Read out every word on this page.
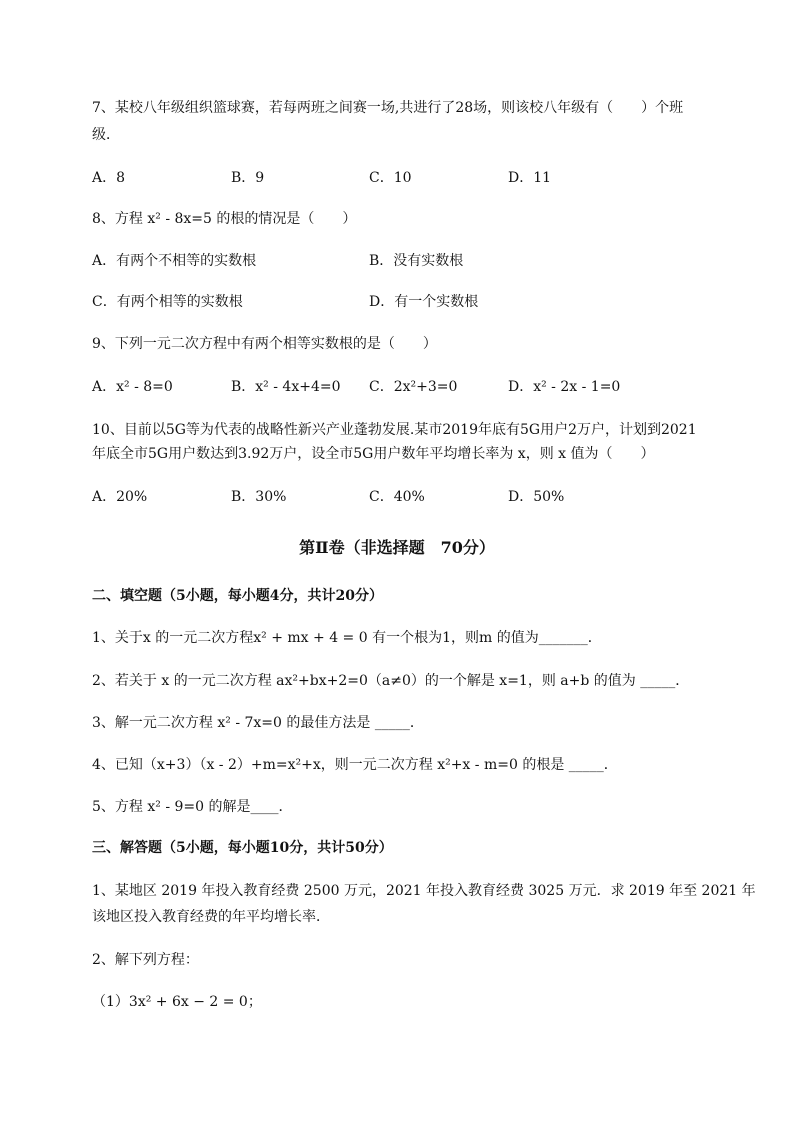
7、某校八年级组织篮球赛，若每两班之间赛一场,共进行了28场，则该校八年级有（　　）个班
级．
A．8	B．9	C．10	D．11
8、方程 x² - 8x=5 的根的情况是（　　）
A．有两个不相等的实数根	B．没有实数根
C．有两个相等的实数根	D．有一个实数根
9、下列一元二次方程中有两个相等实数根的是（　　）
A．x² - 8=0	B．x² - 4x+4=0 C．2x²+3=0	D．x² - 2x - 1=0
10、目前以5G等为代表的战略性新兴产业蓬勃发展.某市2019年底有5G用户2万户，计划到2021
年底全市5G用户数达到3.92万户，设全市5G用户数年平均增长率为 x，则 x 值为（　　）
A．20%	B．30%	C．40%	D．50%
第Ⅱ卷（非选择题　70分）
二、填空题（5小题，每小题4分，共计20分）
1、关于x 的一元二次方程x² + mx + 4 = 0 有一个根为1，则m 的值为_______．
2、若关于 x 的一元二次方程 ax²+bx+2=0（a≠0）的一个解是 x=1，则 a+b 的值为 _____．
3、解一元二次方程 x² - 7x=0 的最佳方法是 _____．
4、已知（x+3）（x - 2）+m=x²+x，则一元二次方程 x²+x - m=0 的根是 _____．
5、方程 x² - 9=0 的解是____．
三、解答题（5小题，每小题10分，共计50分）
1、某地区 2019 年投入教育经费 2500 万元，2021 年投入教育经费 3025 万元．求 2019 年至 2021 年
该地区投入教育经费的年平均增长率．
2、解下列方程：
（1）3x² + 6x − 2 = 0；
